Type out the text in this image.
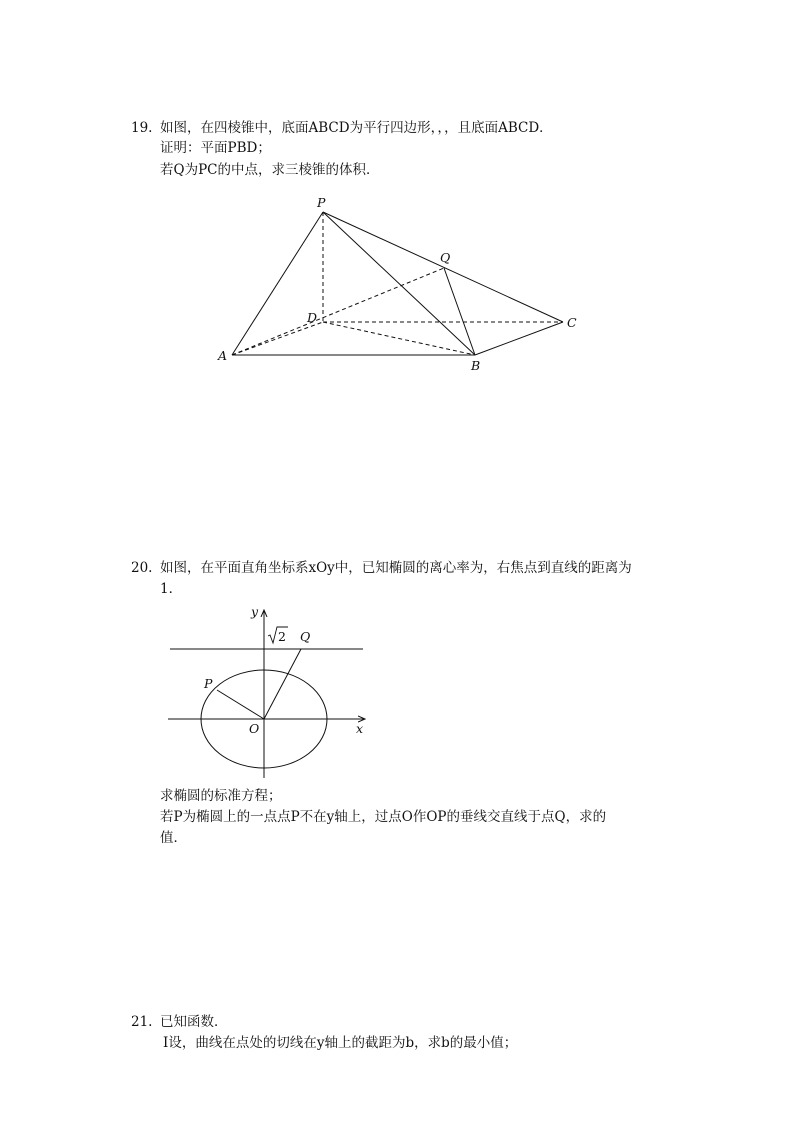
19. 如图，在四棱锥中，底面ABCD为平行四边形，，，且底面ABCD．
证明：平面PBD；
若Q为PC的中点，求三棱锥的体积．
P
Q
D	C
A
B
20. 如图，在平面直角坐标系xOy中，已知椭圆的离心率为，右焦点到直线的距离为
1．
y
x
O
P
Q
2
求椭圆的标准方程；
若P为椭圆上的一点点P不在y轴上，过点O作OP的垂线交直线于点Q，求的
值．
21. 已知函数．
Ⅰ设，曲线在点处的切线在y轴上的截距为b，求b的最小值；
